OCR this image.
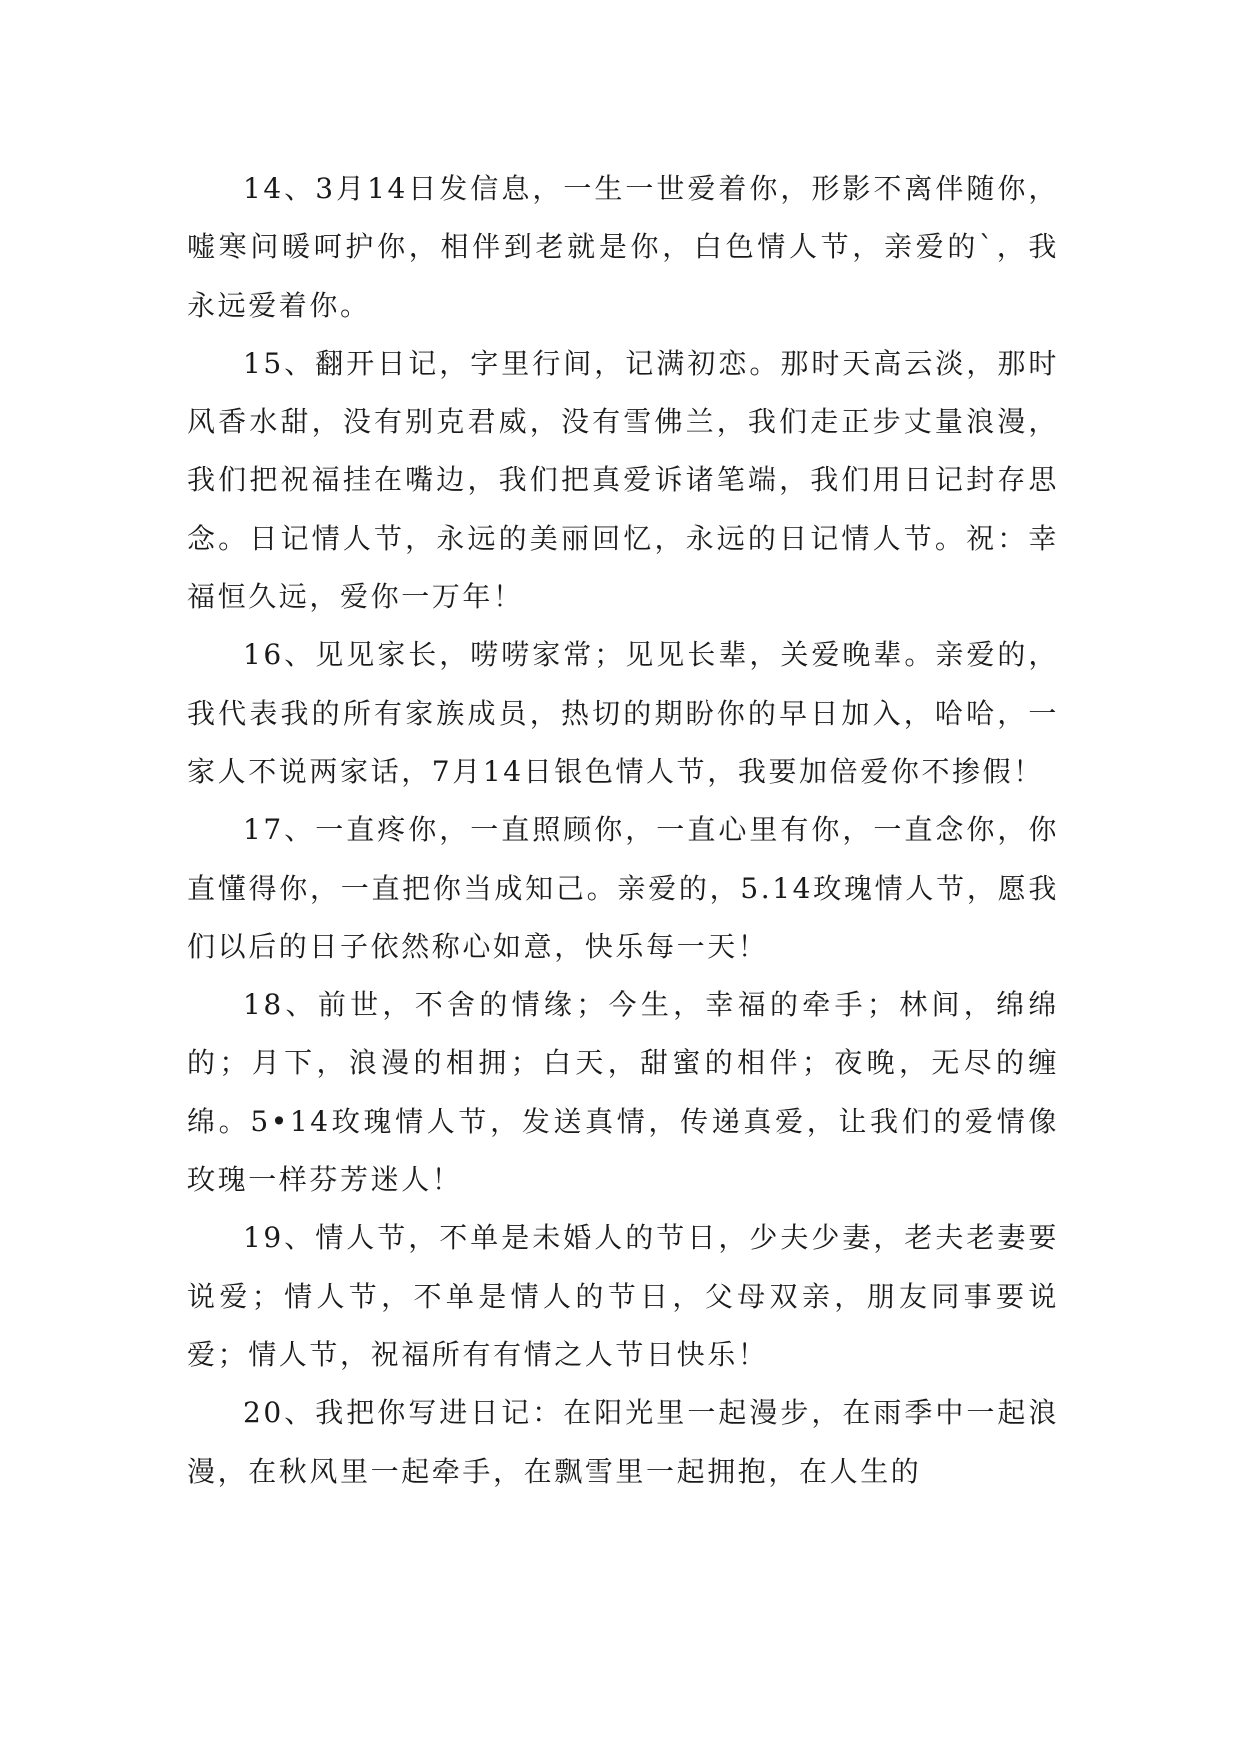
14、3月14日发信息，一生一世爱着你，形影不离伴随你，嘘寒问暖呵护你，相伴到老就是你，白色情人节，亲爱的`，我永远爱着你。

15、翻开日记，字里行间，记满初恋。那时天高云淡，那时风香水甜，没有别克君威，没有雪佛兰，我们走正步丈量浪漫，我们把祝福挂在嘴边，我们把真爱诉诸笔端，我们用日记封存思念。日记情人节，永远的美丽回忆，永远的日记情人节。祝：幸福恒久远，爱你一万年！

16、见见家长，唠唠家常；见见长辈，关爱晚辈。亲爱的，我代表我的所有家族成员，热切的期盼你的早日加入，哈哈，一家人不说两家话，7月14日银色情人节，我要加倍爱你不掺假！

17、一直疼你，一直照顾你，一直心里有你，一直念你，你直懂得你，一直把你当成知己。亲爱的，5.14玫瑰情人节，愿我们以后的日子依然称心如意，快乐每一天！

18、前世，不舍的情缘；今生，幸福的牵手；林间，绵绵的；月下，浪漫的相拥；白天，甜蜜的相伴；夜晚，无尽的缠绵。5•14玫瑰情人节，发送真情，传递真爱，让我们的爱情像玫瑰一样芬芳迷人！

19、情人节，不单是未婚人的节日，少夫少妻，老夫老妻要说爱；情人节，不单是情人的节日，父母双亲，朋友同事要说爱；情人节，祝福所有有情之人节日快乐！

20、我把你写进日记：在阳光里一起漫步，在雨季中一起浪漫，在秋风里一起牵手，在飘雪里一起拥抱，在人生的
